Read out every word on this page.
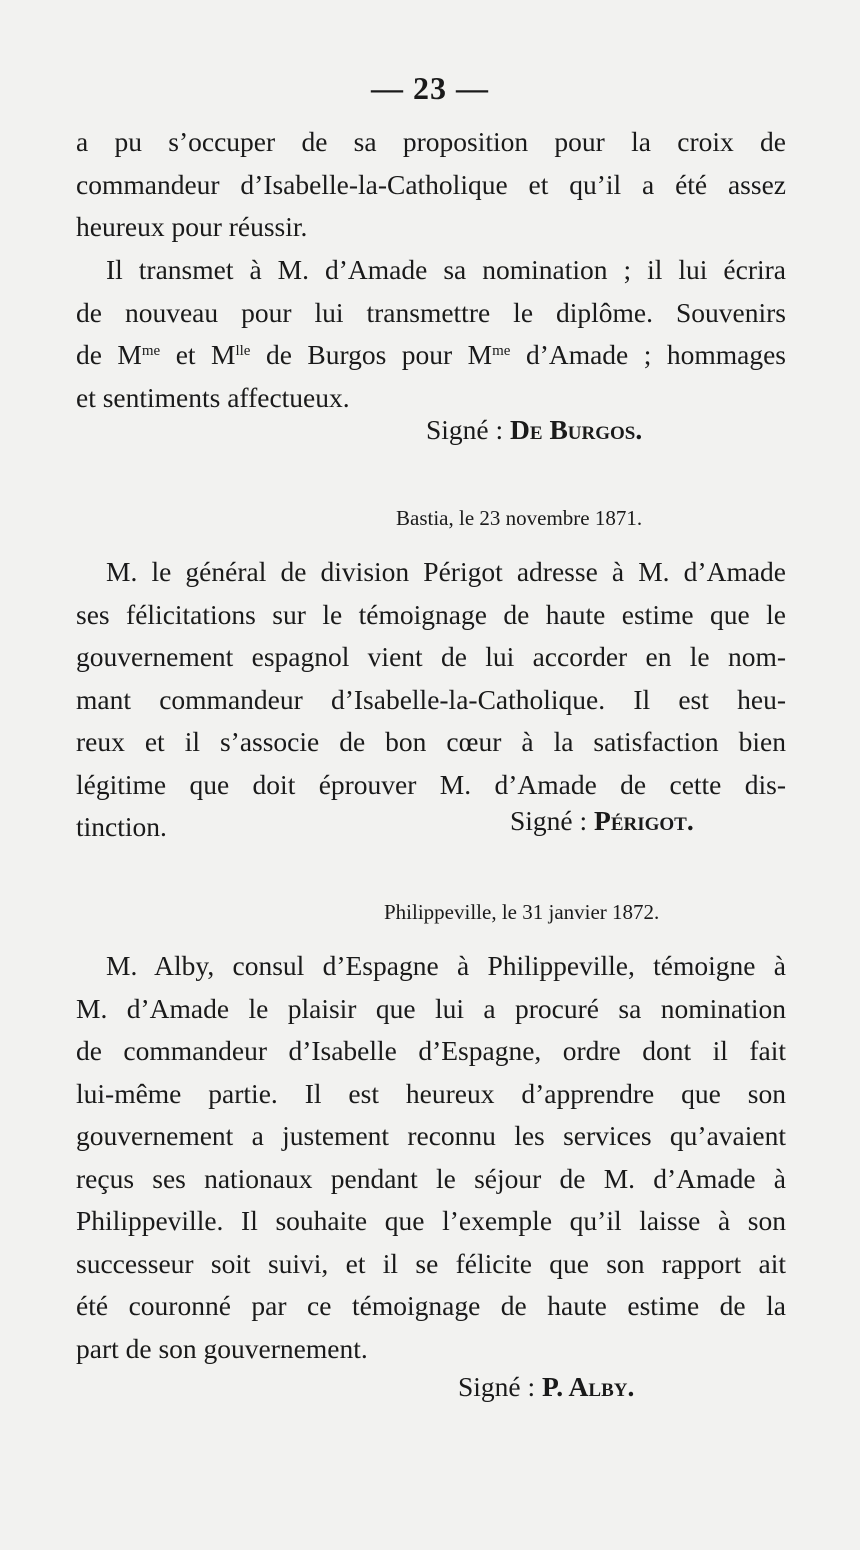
— 23 —
a pu s’occuper de sa proposition pour la croix de
commandeur d’Isabelle-la-Catholique et qu’il a été assez
heureux pour réussir.
Il transmet à M. d’Amade sa nomination ; il lui écrira
de nouveau pour lui transmettre le diplôme. Souvenirs
de $M^{me}$ et $M^{lle}$ de Burgos pour $M^{me}$ d’Amade ; hommages
et sentiments affectueux.
Signé : De Burgos.
Bastia, le 23 novembre 1871.
M. le général de division Périgot adresse à M. d’Amade
ses félicitations sur le témoignage de haute estime que le
gouvernement espagnol vient de lui accorder en le nom-
mant commandeur d’Isabelle-la-Catholique. Il est heu-
reux et il s’associe de bon cœur à la satisfaction bien
légitime que doit éprouver M. d’Amade de cette dis-
tinction.	Signé : Périgot.
Philippeville, le 31 janvier 1872.
M. Alby, consul d’Espagne à Philippeville, témoigne à
M. d’Amade le plaisir que lui a procuré sa nomination
de commandeur d’Isabelle d’Espagne, ordre dont il fait
lui-même partie. Il est heureux d’apprendre que son
gouvernement a justement reconnu les services qu’avaient
reçus ses nationaux pendant le séjour de M. d’Amade à
Philippeville. Il souhaite que l’exemple qu’il laisse à son
successeur soit suivi, et il se félicite que son rapport ait
été couronné par ce témoignage de haute estime de la
part de son gouvernement.
Signé : P. Alby.
